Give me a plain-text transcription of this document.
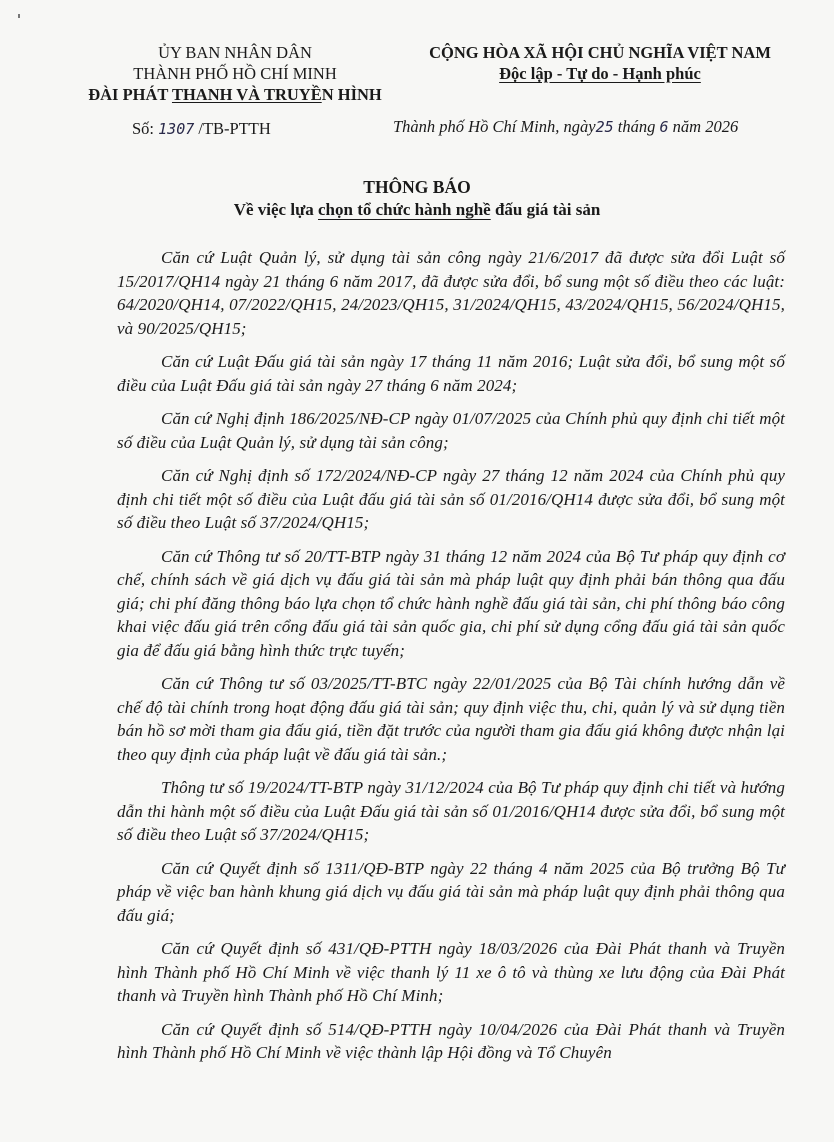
ỦY BAN NHÂN DÂN
THÀNH PHỐ HỒ CHÍ MINH
ĐÀI PHÁT THANH VÀ TRUYỀN HÌNH
CỘNG HÒA XÃ HỘI CHỦ NGHĨA VIỆT NAM
Độc lập - Tự do - Hạnh phúc
Số: 1307 /TB-PTTH	Thành phố Hồ Chí Minh, ngày25 tháng 6 năm 2026
THÔNG BÁO
Về việc lựa chọn tổ chức hành nghề đấu giá tài sản

Căn cứ Luật Quản lý, sử dụng tài sản công ngày 21/6/2017 đã được sửa đổi Luật số 15/2017/QH14 ngày 21 tháng 6 năm 2017, đã được sửa đổi, bổ sung một số điều theo các luật: 64/2020/QH14, 07/2022/QH15, 24/2023/QH15, 31/2024/QH15, 43/2024/QH15, 56/2024/QH15, và 90/2025/QH15;

Căn cứ Luật Đấu giá tài sản ngày 17 tháng 11 năm 2016; Luật sửa đổi, bổ sung một số điều của Luật Đấu giá tài sản ngày 27 tháng 6 năm 2024;

Căn cứ Nghị định 186/2025/NĐ-CP ngày 01/07/2025 của Chính phủ quy định chi tiết một số điều của Luật Quản lý, sử dụng tài sản công;

Căn cứ Nghị định số 172/2024/NĐ-CP ngày 27 tháng 12 năm 2024 của Chính phủ quy định chi tiết một số điều của Luật đấu giá tài sản số 01/2016/QH14 được sửa đổi, bổ sung một số điều theo Luật số 37/2024/QH15;

Căn cứ Thông tư số 20/TT-BTP ngày 31 tháng 12 năm 2024 của Bộ Tư pháp quy định cơ chế, chính sách về giá dịch vụ đấu giá tài sản mà pháp luật quy định phải bán thông qua đấu giá; chi phí đăng thông báo lựa chọn tổ chức hành nghề đấu giá tài sản, chi phí thông báo công khai việc đấu giá trên cổng đấu giá tài sản quốc gia, chi phí sử dụng cổng đấu giá tài sản quốc gia để đấu giá bằng hình thức trực tuyến;

Căn cứ Thông tư số 03/2025/TT-BTC ngày 22/01/2025 của Bộ Tài chính hướng dẫn về chế độ tài chính trong hoạt động đấu giá tài sản; quy định việc thu, chi, quản lý và sử dụng tiền bán hồ sơ mời tham gia đấu giá, tiền đặt trước của người tham gia đấu giá không được nhận lại theo quy định của pháp luật về đấu giá tài sản.;

Thông tư số 19/2024/TT-BTP ngày 31/12/2024 của Bộ Tư pháp quy định chi tiết và hướng dẫn thi hành một số điều của Luật Đấu giá tài sản số 01/2016/QH14 được sửa đổi, bổ sung một số điều theo Luật số 37/2024/QH15;

Căn cứ Quyết định số 1311/QĐ-BTP ngày 22 tháng 4 năm 2025 của Bộ trưởng Bộ Tư pháp về việc ban hành khung giá dịch vụ đấu giá tài sản mà pháp luật quy định phải thông qua đấu giá;

Căn cứ Quyết định số 431/QĐ-PTTH ngày 18/03/2026 của Đài Phát thanh và Truyền hình Thành phố Hồ Chí Minh về việc thanh lý 11 xe ô tô và thùng xe lưu động của Đài Phát thanh và Truyền hình Thành phố Hồ Chí Minh;

Căn cứ Quyết định số 514/QĐ-PTTH ngày 10/04/2026 của Đài Phát thanh và Truyền hình Thành phố Hồ Chí Minh về việc thành lập Hội đồng và Tổ Chuyên
